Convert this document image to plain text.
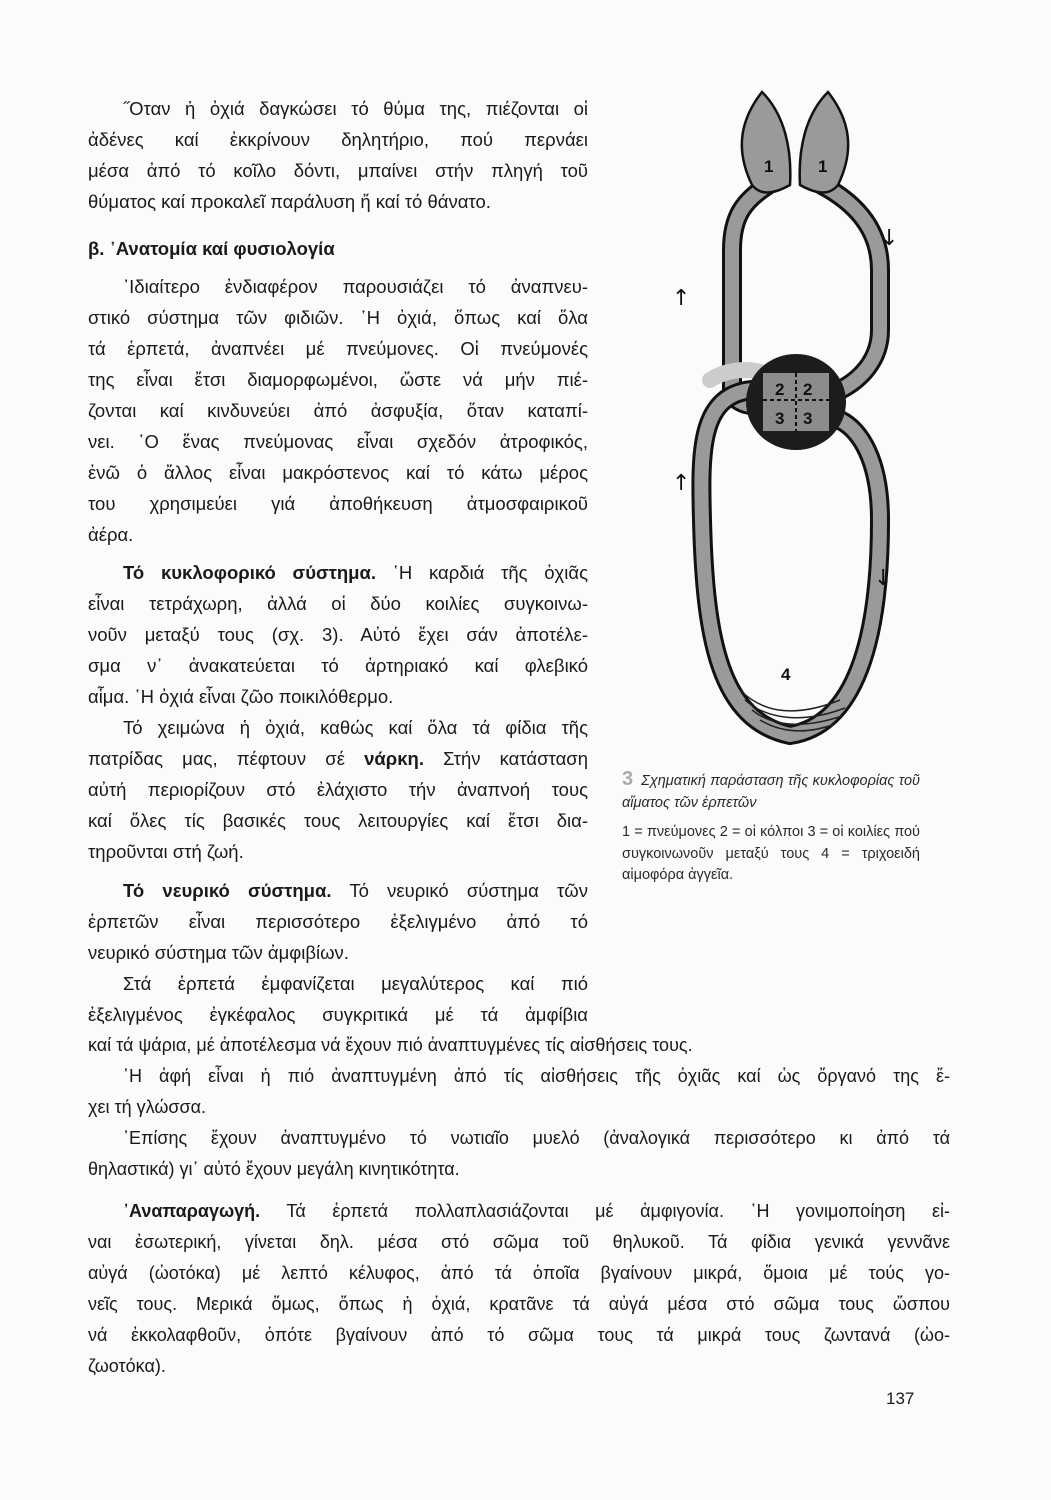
˝Οταν ἡ ὀχιά δαγκώσει τό θύμα της, πιέζονται οἱ
ἀδένες καί ἐκκρίνουν δηλητήριο, πού περνάει
μέσα ἀπό τό κοῖλο δόντι, μπαίνει στήν πληγή τοῦ
θύματος καί προκαλεῖ παράλυση ἤ καί τό θάνατο.
β. ᾿Ανατομία καί φυσιολογία
᾿Ιδιαίτερο ἐνδιαφέρον παρουσιάζει τό ἀναπνευ-
στικό σύστημα τῶν φιδιῶν. ῾Η ὀχιά, ὅπως καί ὅλα
τά ἑρπετά, ἀναπνέει μέ πνεύμονες. Οἱ πνεύμονές
της εἶναι ἔτσι διαμορφωμένοι, ὥστε νά μήν πιέ-
ζονται καί κινδυνεύει ἀπό ἀσφυξία, ὅταν καταπί-
νει. ῾Ο ἕνας πνεύμονας εἶναι σχεδόν ἀτροφικός,
ἐνῶ ὁ ἄλλος εἶναι μακρόστενος καί τό κάτω μέρος
του χρησιμεύει γιά ἀποθήκευση ἀτμοσφαιρικοῦ
ἀέρα.
Τό κυκλοφορικό σύστημα. ῾Η καρδιά τῆς ὀχιᾶς
εἶναι τετράχωρη, ἀλλά οἱ δύο κοιλίες συγκοινω-
νοῦν μεταξύ τους (σχ. 3). Αὐτό ἔχει σάν ἀποτέλε-
σμα ν᾿ ἀνακατεύεται τό ἀρτηριακό καί φλεβικό
αἷμα. ῾Η ὀχιά εἶναι ζῶο ποικιλόθερμο.
Τό χειμώνα ἡ ὀχιά, καθώς καί ὅλα τά φίδια τῆς
πατρίδας μας, πέφτουν σέ νάρκη. Στήν κατάσταση
αὐτή περιορίζουν στό ἐλάχιστο τήν ἀναπνοή τους
καί ὅλες τίς βασικές τους λειτουργίες καί ἔτσι δια-
τηροῦνται στή ζωή.
Τό νευρικό σύστημα. Τό νευρικό σύστημα τῶν
ἑρπετῶν εἶναι περισσότερο ἐξελιγμένο ἀπό τό
νευρικό σύστημα τῶν ἀμφιβίων.
Στά ἑρπετά ἐμφανίζεται μεγαλύτερος καί πιό
ἐξελιγμένος ἐγκέφαλος συγκριτικά μέ τά ἀμφίβια
καί τά ψάρια, μέ ἀποτέλεσμα νά ἔχουν πιό ἀναπτυγμένες τίς αἰσθήσεις τους.
῾Η ἀφή εἶναι ἡ πιό ἀναπτυγμένη ἀπό τίς αἰσθήσεις τῆς ὀχιᾶς καί ὡς ὄργανό της ἔ-
χει τή γλώσσα.
᾿Επίσης ἔχουν ἀναπτυγμένο τό νωτιαῖο μυελό (ἀναλογικά περισσότερο κι ἀπό τά
θηλαστικά) γι᾿ αὐτό ἔχουν μεγάλη κινητικότητα.
᾿Αναπαραγωγή. Τά ἑρπετά πολλαπλασιάζονται μέ ἀμφιγονία. ῾Η γονιμοποίηση εἰ-
ναι ἐσωτερική, γίνεται δηλ. μέσα στό σῶμα τοῦ θηλυκοῦ. Τά φίδια γενικά γεννᾶνε
αὐγά (ὠοτόκα) μέ λεπτό κέλυφος, ἀπό τά ὁποῖα βγαίνουν μικρά, ὅμοια μέ τούς γο-
νεῖς τους. Μερικά ὅμως, ὅπως ἡ ὀχιά, κρατᾶνε τά αὐγά μέσα στό σῶμα τους ὥσπου
νά ἐκκολαφθοῦν, ὁπότε βγαίνουν ἀπό τό σῶμα τους τά μικρά τους ζωντανά (ὠο-
ζωοτόκα).
1	1
2 2
3 3
4
↑
↓
↑
↓
3 Σχηματική παράσταση τῆς κυκλοφορίας τοῦ αἵματος τῶν ἑρπετῶν
1 = πνεύμονες 2 = οἱ κόλποι 3 = οἱ κοιλίες πού συγκοινωνοῦν μεταξύ τους 4 = τριχοειδή αἱμοφόρα ἀγγεῖα.
137
